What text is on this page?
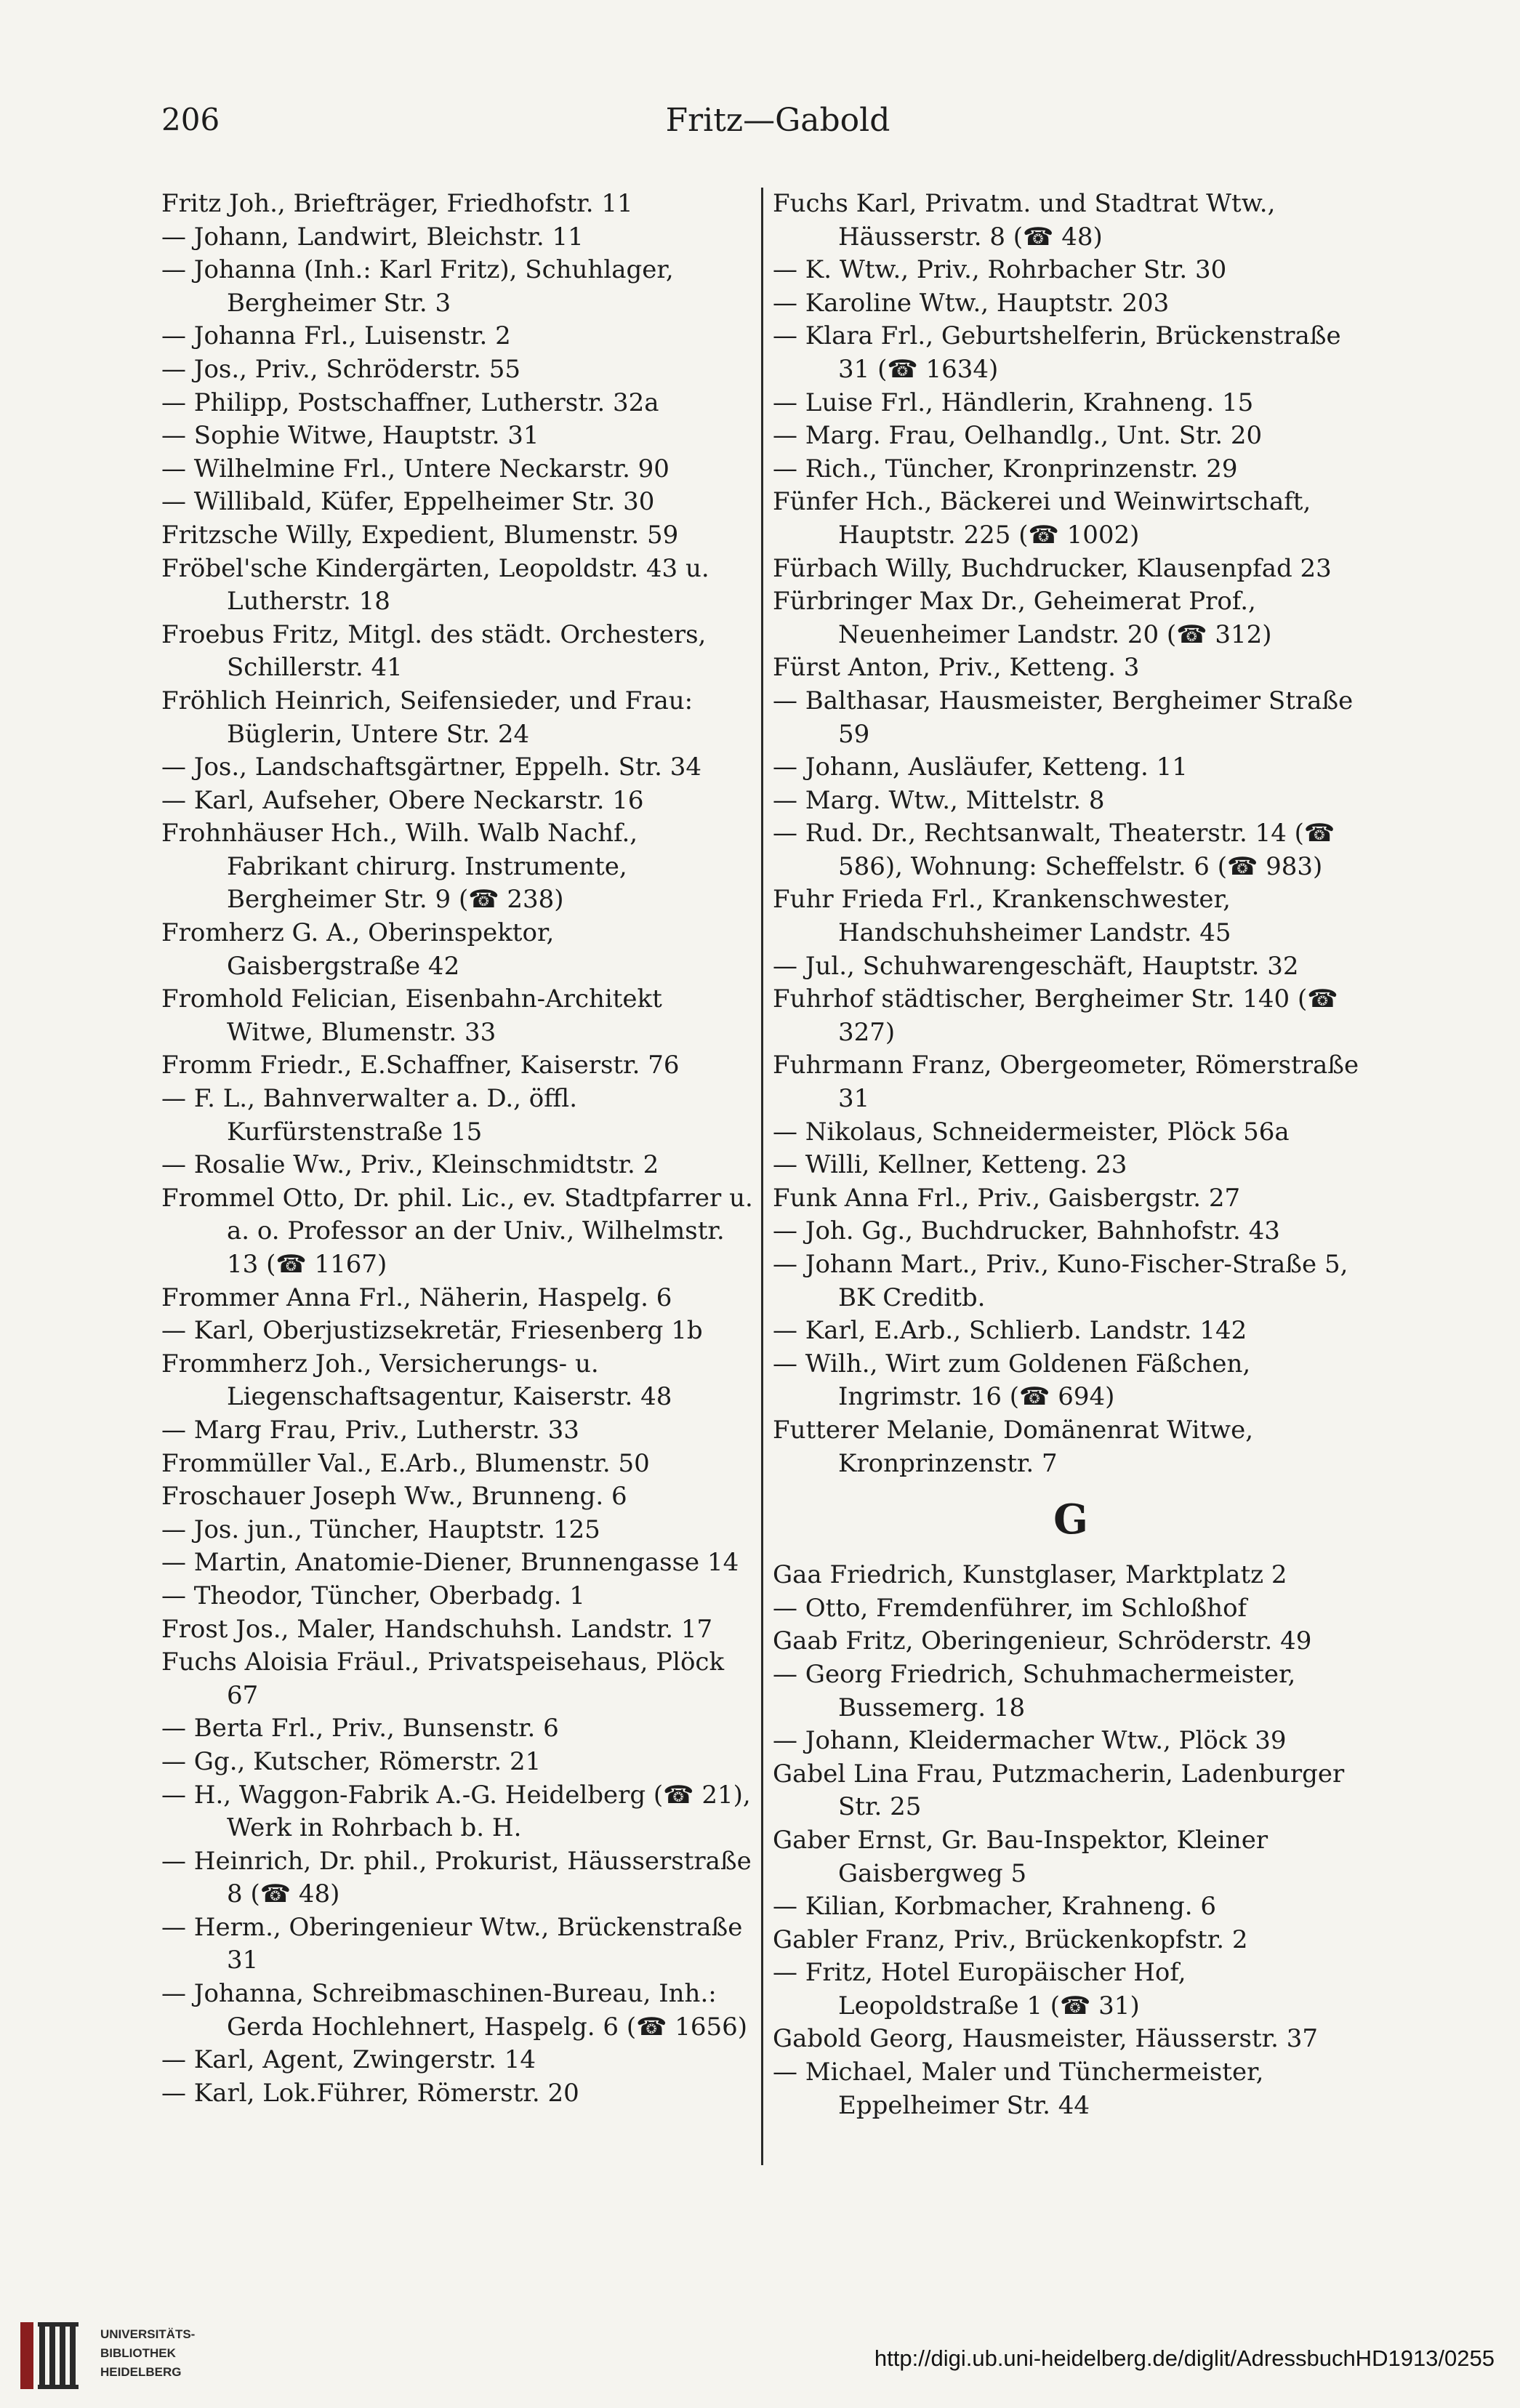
206	Fritz—Gabold

Fritz Joh., Briefträger, Friedhofstr. 11

— Johann, Landwirt, Bleichstr. 11

— Johanna (Inh.: Karl Fritz), Schuhlager, Bergheimer Str. 3

— Johanna Frl., Luisenstr. 2

— Jos., Priv., Schröderstr. 55

— Philipp, Postschaffner, Lutherstr. 32a

— Sophie Witwe, Hauptstr. 31

— Wilhelmine Frl., Untere Neckarstr. 90

— Willibald, Küfer, Eppelheimer Str. 30

Fritzsche Willy, Expedient, Blumenstr. 59

Fröbel'sche Kindergärten, Leopoldstr. 43 u. Lutherstr. 18

Froebus Fritz, Mitgl. des städt. Orchesters, Schillerstr. 41

Fröhlich Heinrich, Seifensieder, und Frau: Büglerin, Untere Str. 24

— Jos., Landschaftsgärtner, Eppelh. Str. 34

— Karl, Aufseher, Obere Neckarstr. 16

Frohnhäuser Hch., Wilh. Walb Nachf., Fabrikant chirurg. Instrumente, Bergheimer Str. 9 (☎ 238)

Fromherz G. A., Oberinspektor, Gaisbergstraße 42

Fromhold Felician, Eisenbahn-Architekt Witwe, Blumenstr. 33

Fromm Friedr., E.Schaffner, Kaiserstr. 76

— F. L., Bahnverwalter a. D., öffl. Kurfürstenstraße 15

— Rosalie Ww., Priv., Kleinschmidtstr. 2

Frommel Otto, Dr. phil. Lic., ev. Stadtpfarrer u. a. o. Professor an der Univ., Wilhelmstr. 13 (☎ 1167)

Frommer Anna Frl., Näherin, Haspelg. 6

— Karl, Oberjustizsekretär, Friesenberg 1b

Frommherz Joh., Versicherungs- u. Liegenschaftsagentur, Kaiserstr. 48

— Marg Frau, Priv., Lutherstr. 33

Frommüller Val., E.Arb., Blumenstr. 50

Froschauer Joseph Ww., Brunneng. 6

— Jos. jun., Tüncher, Hauptstr. 125

— Martin, Anatomie-Diener, Brunnengasse 14

— Theodor, Tüncher, Oberbadg. 1

Frost Jos., Maler, Handschuhsh. Landstr. 17

Fuchs Aloisia Fräul., Privatspeisehaus, Plöck 67

— Berta Frl., Priv., Bunsenstr. 6

— Gg., Kutscher, Römerstr. 21

— H., Waggon-Fabrik A.-G. Heidelberg (☎ 21), Werk in Rohrbach b. H.

— Heinrich, Dr. phil., Prokurist, Häusserstraße 8 (☎ 48)

— Herm., Oberingenieur Wtw., Brückenstraße 31

— Johanna, Schreibmaschinen-Bureau, Inh.: Gerda Hochlehnert, Haspelg. 6 (☎ 1656)

— Karl, Agent, Zwingerstr. 14

— Karl, Lok.Führer, Römerstr. 20

Fuchs Karl, Privatm. und Stadtrat Wtw., Häusserstr. 8 (☎ 48)

— K. Wtw., Priv., Rohrbacher Str. 30

— Karoline Wtw., Hauptstr. 203

— Klara Frl., Geburtshelferin, Brückenstraße 31 (☎ 1634)

— Luise Frl., Händlerin, Krahneng. 15

— Marg. Frau, Oelhandlg., Unt. Str. 20

— Rich., Tüncher, Kronprinzenstr. 29

Fünfer Hch., Bäckerei und Weinwirtschaft, Hauptstr. 225 (☎ 1002)

Fürbach Willy, Buchdrucker, Klausenpfad 23

Fürbringer Max Dr., Geheimerat Prof., Neuenheimer Landstr. 20 (☎ 312)

Fürst Anton, Priv., Ketteng. 3

— Balthasar, Hausmeister, Bergheimer Straße 59

— Johann, Ausläufer, Ketteng. 11

— Marg. Wtw., Mittelstr. 8

— Rud. Dr., Rechtsanwalt, Theaterstr. 14 (☎ 586), Wohnung: Scheffelstr. 6 (☎ 983)

Fuhr Frieda Frl., Krankenschwester, Handschuhsheimer Landstr. 45

— Jul., Schuhwarengeschäft, Hauptstr. 32

Fuhrhof städtischer, Bergheimer Str. 140 (☎ 327)

Fuhrmann Franz, Obergeometer, Römerstraße 31

— Nikolaus, Schneidermeister, Plöck 56a

— Willi, Kellner, Ketteng. 23

Funk Anna Frl., Priv., Gaisbergstr. 27

— Joh. Gg., Buchdrucker, Bahnhofstr. 43

— Johann Mart., Priv., Kuno-Fischer-Straße 5, BK Creditb.

— Karl, E.Arb., Schlierb. Landstr. 142

— Wilh., Wirt zum Goldenen Fäßchen, Ingrimstr. 16 (☎ 694)

Futterer Melanie, Domänenrat Witwe, Kronprinzenstr. 7

G

Gaa Friedrich, Kunstglaser, Marktplatz 2

— Otto, Fremdenführer, im Schloßhof

Gaab Fritz, Oberingenieur, Schröderstr. 49

— Georg Friedrich, Schuhmachermeister, Bussemerg. 18

— Johann, Kleidermacher Wtw., Plöck 39

Gabel Lina Frau, Putzmacherin, Ladenburger Str. 25

Gaber Ernst, Gr. Bau-Inspektor, Kleiner Gaisbergweg 5

— Kilian, Korbmacher, Krahneng. 6

Gabler Franz, Priv., Brückenkopfstr. 2

— Fritz, Hotel Europäischer Hof, Leopoldstraße 1 (☎ 31)

Gabold Georg, Hausmeister, Häusserstr. 37

— Michael, Maler und Tünchermeister, Eppelheimer Str. 44

UNIVERSITÄTS-
BIBLIOTHEK
HEIDELBERG
http://digi.ub.uni-heidelberg.de/diglit/AdressbuchHD1913/0255
